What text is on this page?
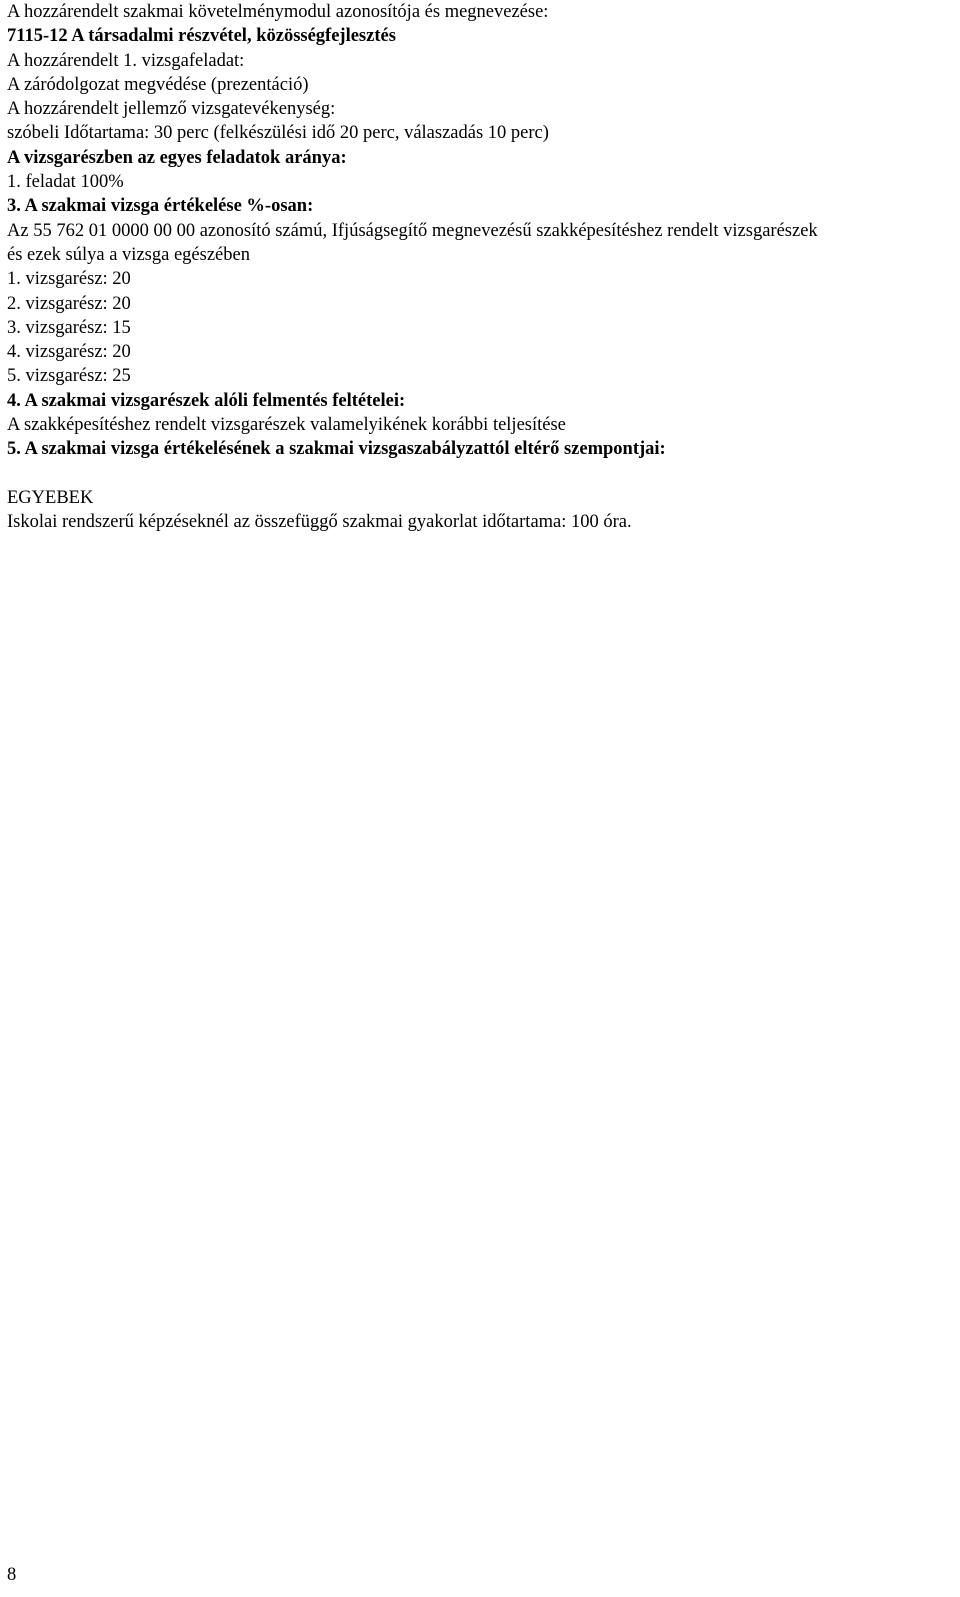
A hozzárendelt szakmai követelménymodul azonosítója és megnevezése:
7115-12 A társadalmi részvétel, közösségfejlesztés
A hozzárendelt 1. vizsgafeladat:
A záródolgozat megvédése (prezentáció)
A hozzárendelt jellemző vizsgatevékenység:
szóbeli Időtartama: 30 perc (felkészülési idő 20 perc, válaszadás 10 perc)
A vizsgarészben az egyes feladatok aránya:
1. feladat 100%
3. A szakmai vizsga értékelése %-osan:
Az 55 762 01 0000 00 00 azonosító számú, Ifjúságsegítő megnevezésű szakképesítéshez rendelt vizsgarészek
és ezek súlya a vizsga egészében
1. vizsgarész: 20
2. vizsgarész: 20
3. vizsgarész: 15
4. vizsgarész: 20
5. vizsgarész: 25
4. A szakmai vizsgarészek alóli felmentés feltételei:
A szakképesítéshez rendelt vizsgarészek valamelyikének korábbi teljesítése
5. A szakmai vizsga értékelésének a szakmai vizsgaszabályzattól eltérő szempontjai:
EGYEBEK
Iskolai rendszerű képzéseknél az összefüggő szakmai gyakorlat időtartama: 100 óra.
8
